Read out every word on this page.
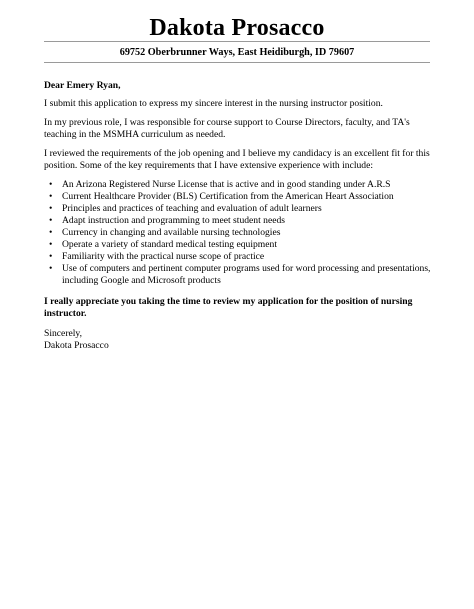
Dakota Prosacco
69752 Oberbrunner Ways, East Heidiburgh, ID 79607

Dear Emery Ryan,

I submit this application to express my sincere interest in the nursing instructor position.

In my previous role, I was responsible for course support to Course Directors, faculty, and TA's teaching in the MSMHA curriculum as needed.

I reviewed the requirements of the job opening and I believe my candidacy is an excellent fit for this position. Some of the key requirements that I have extensive experience with include:

• An Arizona Registered Nurse License that is active and in good standing under A.R.S
• Current Healthcare Provider (BLS) Certification from the American Heart Association
• Principles and practices of teaching and evaluation of adult learners
• Adapt instruction and programming to meet student needs
• Currency in changing and available nursing technologies
• Operate a variety of standard medical testing equipment
• Familiarity with the practical nurse scope of practice
• Use of computers and pertinent computer programs used for word processing and presentations, including Google and Microsoft products

I really appreciate you taking the time to review my application for the position of nursing instructor.

Sincerely,

Dakota Prosacco
